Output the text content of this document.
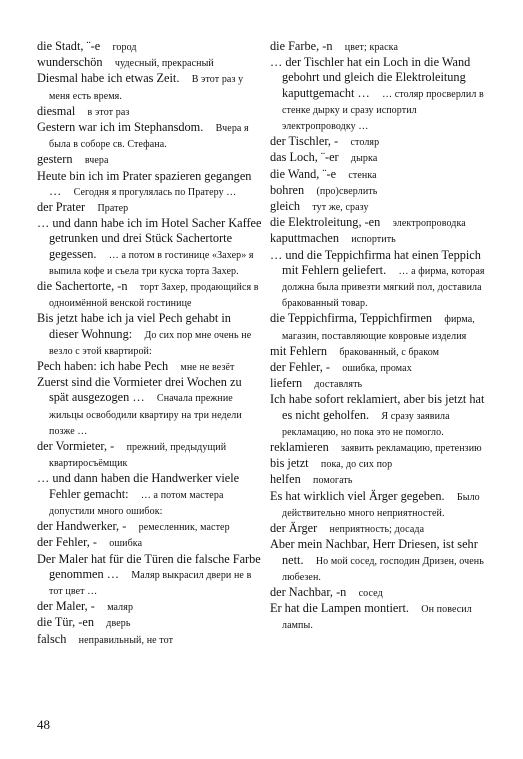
die Stadt, ¨-e  город

wunderschön  чудесный, прекрасный

Diesmal habe ich etwas Zeit.  В этот раз у меня есть время.

diesmal  в этот раз

Gestern war ich im Stephansdom.  Вчера я была в соборе св. Стефана.

gestern  вчера

Heute bin ich im Prater spazieren gegangen …  Сегодня я прогулялась по Пратеру …

der Prater  Пратер

… und dann habe ich im Hotel Sacher Kaffee getrunken und drei Stück Sachertorte gegessen.  … а потом в гостинице «Захер» я выпила кофе и съела три куска торта Захер.

die Sachertorte, -n  торт Захер, продающийся в одноимённой венской гостинице

Bis jetzt habe ich ja viel Pech gehabt in dieser Wohnung:  До сих пор мне очень не везло с этой квартирой:

Pech haben: ich habe Pech  мне не везёт

Zuerst sind die Vormieter drei Wochen zu spät ausgezogen …  Сначала прежние жильцы освободили квартиру на три недели позже …

der Vormieter, -  прежний, предыдущий квартиросъёмщик

… und dann haben die Handwerker viele Fehler gemacht:  … а потом мастера допустили много ошибок:

der Handwerker, -  ремесленник, мастер

der Fehler, -  ошибка

Der Maler hat für die Türen die falsche Farbe genommen …  Маляр выкрасил двери не в тот цвет …

der Maler, -  маляр

die Tür, -en  дверь

falsch  неправильный, не тот

die Farbe, -n  цвет; краска

… der Tischler hat ein Loch in die Wand gebohrt und gleich die Elektroleitung kaputtgemacht …  … столяр просверлил в стенке дырку и сразу испортил электропроводку …

der Tischler, -  столяр

das Loch, ¨-er  дырка

die Wand, ¨-e  стенка

bohren  (про)сверлить

gleich  тут же, сразу

die Elektroleitung, -en  электропроводка

kaputtmachen  испортить

… und die Teppichfirma hat einen Teppich mit Fehlern geliefert.  … а фирма, которая должна была привезти мягкий пол, доставила бракованный товар.

die Teppichfirma, Teppichfirmen  фирма, магазин, поставляющие ковровые изделия

mit Fehlern  бракованный, с браком

der Fehler, -  ошибка, промах

liefern  доставлять

Ich habe sofort reklamiert, aber bis jetzt hat es nicht geholfen.  Я сразу заявила рекламацию, но пока это не помогло.

reklamieren  заявить рекламацию, претензию

bis jetzt  пока, до сих пор

helfen  помогать

Es hat wirklich viel Ärger gegeben.  Было действительно много неприятностей.

der Ärger  неприятность; досада

Aber mein Nachbar, Herr Driesen, ist sehr nett.  Но мой сосед, господин Дризен, очень любезен.

der Nachbar, -n  сосед

Er hat die Lampen montiert.  Он повесил лампы.

48
